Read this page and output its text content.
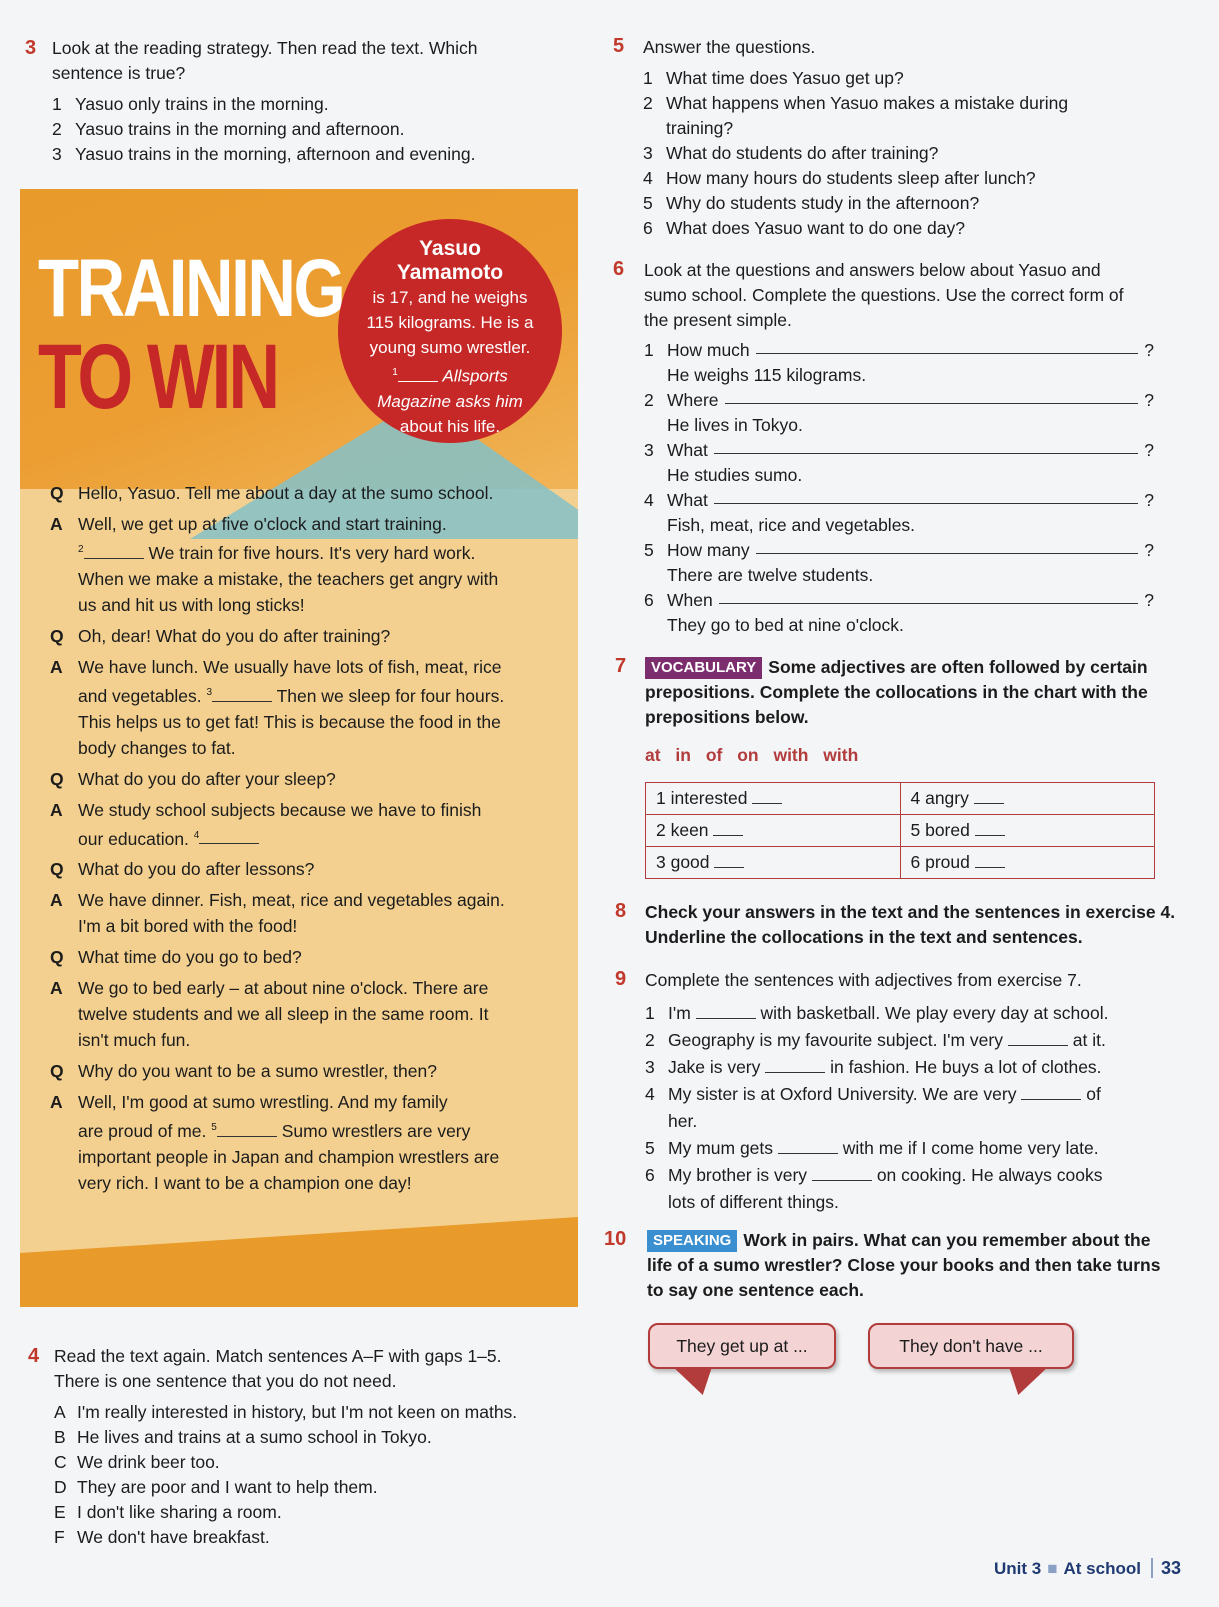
3 Look at the reading strategy. Then read the text. Which
sentence is true?
1 Yasuo only trains in the morning.
2 Yasuo trains in the morning and afternoon.
3 Yasuo trains in the morning, afternoon and evening.
TRAINING
TO WIN
Yasuo
Yamamoto
is 17, and he weighs
115 kilograms. He is a
young sumo wrestler.
$^1$	Allsports
Magazine asks him
about his life.
Q Hello, Yasuo. Tell me about a day at the sumo school.
A Well, we get up at five o'clock and start training.
$^2$	We train for five hours. It's very hard work.
When we make a mistake, the teachers get angry with
us and hit us with long sticks!
Q Oh, dear! What do you do after training?
A We have lunch. We usually have lots of fish, meat, rice
and vegetables. $^3$	Then we sleep for four hours.
This helps us to get fat! This is because the food in the
body changes to fat.
Q What do you do after your sleep?
A We study school subjects because we have to finish
our education. $^4$
Q What do you do after lessons?
A We have dinner. Fish, meat, rice and vegetables again.
I'm a bit bored with the food!
Q What time do you go to bed?
A We go to bed early – at about nine o'clock. There are
twelve students and we all sleep in the same room. It
isn't much fun.
Q Why do you want to be a sumo wrestler, then?
A Well, I'm good at sumo wrestling. And my family
are proud of me. $^5$	Sumo wrestlers are very
important people in Japan and champion wrestlers are
very rich. I want to be a champion one day!
4 Read the text again. Match sentences A–F with gaps 1–5.
There is one sentence that you do not need.
A I'm really interested in history, but I'm not keen on maths.
B He lives and trains at a sumo school in Tokyo.
C We drink beer too.
D They are poor and I want to help them.
E I don't like sharing a room.
F We don't have breakfast.
5 Answer the questions.
1 What time does Yasuo get up?
2 What happens when Yasuo makes a mistake during
training?
3 What do students do after training?
4 How many hours do students sleep after lunch?
5 Why do students study in the afternoon?
6 What does Yasuo want to do one day?
6 Look at the questions and answers below about Yasuo and
sumo school. Complete the questions. Use the correct form of
the present simple.
1 How much	?
He weighs 115 kilograms.
2 Where	?
He lives in Tokyo.
3 What	?
He studies sumo.
4 What	?
Fish, meat, rice and vegetables.
5 How many	?
There are twelve students.
6 When	?
They go to bed at nine o'clock.
7	VOCABULARY Some adjectives are often followed by certain
prepositions. Complete the collocations in the chart with the
prepositions below.
at in of on with with
1 interested	4 angry
2 keen	5 bored
3 good	6 proud
8 Check your answers in the text and the sentences in exercise 4.
Underline the collocations in the text and sentences.
9 Complete the sentences with adjectives from exercise 7.
1 I'm	with basketball. We play every day at school.
2 Geography is my favourite subject. I'm very	at it.
3 Jake is very	in fashion. He buys a lot of clothes.
4 My sister is at Oxford University. We are very	of
her.
5 My mum gets	with me if I come home very late.
6 My brother is very	on cooking. He always cooks
lots of different things.
10	SPEAKING Work in pairs. What can you remember about the
life of a sumo wrestler? Close your books and then take turns
to say one sentence each.
They get up at ...	They don't have ...
Unit 3 ■ At school 33
